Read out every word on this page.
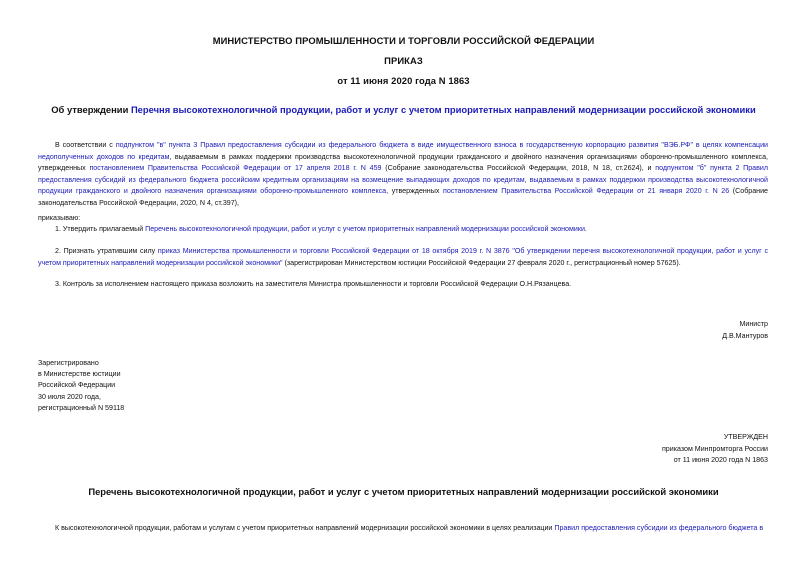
МИНИСТЕРСТВО ПРОМЫШЛЕННОСТИ И ТОРГОВЛИ РОССИЙСКОЙ ФЕДЕРАЦИИ
ПРИКАЗ
от 11 июня 2020 года N 1863
Об утверждении Перечня высокотехнологичной продукции, работ и услуг с учетом приоритетных направлений модернизации российской экономики

В соответствии с подпунктом "в" пункта 3 Правил предоставления субсидии из федерального бюджета в виде имущественного взноса в государственную корпорацию развития "ВЭБ.РФ" в целях компенсации недополученных доходов по кредитам, выдаваемым в рамках поддержки производства высокотехнологичной продукции гражданского и двойного назначения организациями оборонно-промышленного комплекса, утвержденных постановлением Правительства Российской Федерации от 17 апреля 2018 г. N 459 (Собрание законодательства Российской Федерации, 2018, N 18, ст.2624), и подпунктом "б" пункта 2 Правил предоставления субсидий из федерального бюджета российским кредитным организациям на возмещение выпадающих доходов по кредитам, выдаваемым в рамках поддержки производства высокотехнологичной продукции гражданского и двойного назначения организациями оборонно-промышленного комплекса, утвержденных постановлением Правительства Российской Федерации от 21 января 2020 г. N 26 (Собрание законодательства Российской Федерации, 2020, N 4, ст.397),

приказываю:

1. Утвердить прилагаемый Перечень высокотехнологичной продукции, работ и услуг с учетом приоритетных направлений модернизации российской экономики.

2. Признать утратившим силу приказ Министерства промышленности и торговли Российской Федерации от 18 октября 2019 г. N 3876 "Об утверждении перечня высокотехнологичной продукции, работ и услуг с учетом приоритетных направлений модернизации российской экономики" (зарегистрирован Министерством юстиции Российской Федерации 27 февраля 2020 г., регистрационный номер 57625).

3. Контроль за исполнением настоящего приказа возложить на заместителя Министра промышленности и торговли Российской Федерации О.Н.Рязанцева.

Министр
Д.В.Мантуров
Зарегистрировано
в Министерстве юстиции
Российской Федерации
30 июля 2020 года,
регистрационный N 59118
УТВЕРЖДЕН
приказом Минпромторга России
от 11 июня 2020 года N 1863
Перечень высокотехнологичной продукции, работ и услуг с учетом приоритетных направлений модернизации российской экономики

К высокотехнологичной продукции, работам и услугам с учетом приоритетных направлений модернизации российской экономики в целях реализации Правил предоставления субсидии из федерального бюджета в
